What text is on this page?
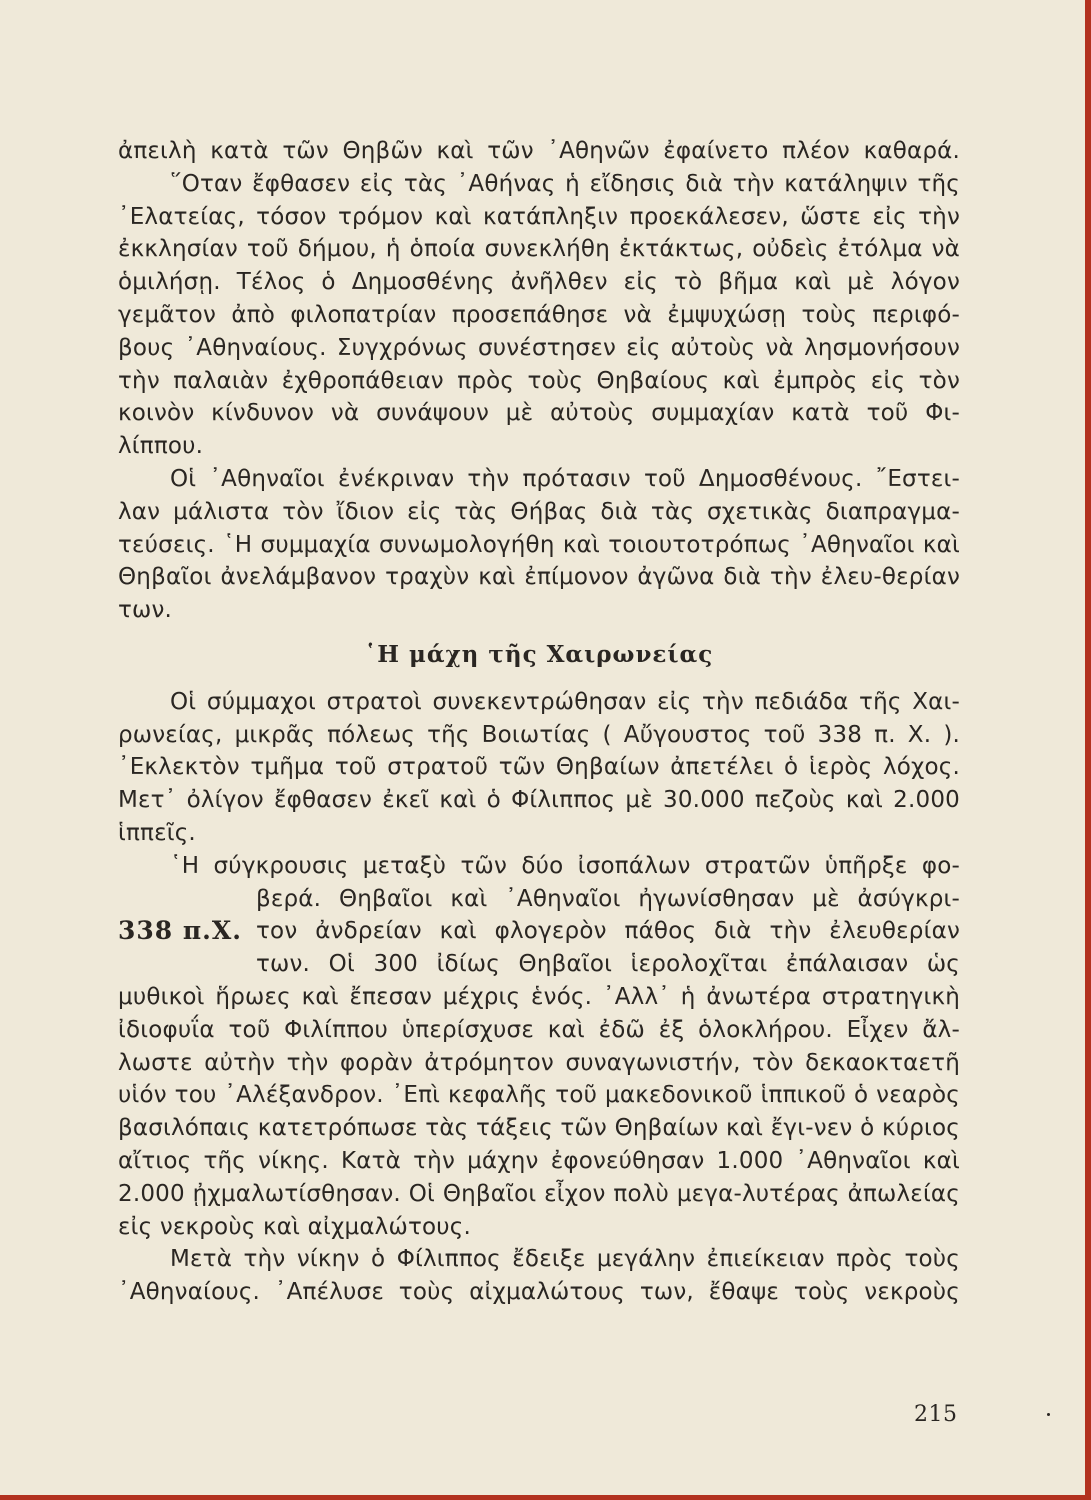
ἀπειλὴ κατὰ τῶν Θηβῶν καὶ τῶν ᾿Αθηνῶν ἐφαίνετο πλέον καθαρά.

῞Οταν ἔφθασεν εἰς τὰς ᾿Αθήνας ἡ εἴδησις διὰ τὴν κατάληψιν τῆς ᾿Ελατείας, τόσον τρόμον καὶ κατάπληξιν προεκάλεσεν, ὥστε εἰς τὴν ἐκκλησίαν τοῦ δήμου, ἡ ὁποία συνεκλήθη ἐκτάκτως, οὐδεὶς ἐτόλμα νὰ ὁμιλήσῃ. Τέλος ὁ Δημοσθένης ἀνῆλθεν εἰς τὸ βῆμα καὶ μὲ λόγον γεμᾶτον ἀπὸ φιλοπατρίαν προσεπάθησε νὰ ἐμψυχώσῃ τοὺς περιφό-βους ᾿Αθηναίους. Συγχρόνως συνέστησεν εἰς αὐτοὺς νὰ λησμονήσουν τὴν παλαιὰν ἐχθροπάθειαν πρὸς τοὺς Θηβαίους καὶ ἐμπρὸς εἰς τὸν κοινὸν κίνδυνον νὰ συνάψουν μὲ αὐτοὺς συμμαχίαν κατὰ τοῦ Φι-λίππου.

Οἱ ᾿Αθηναῖοι ἐνέκριναν τὴν πρότασιν τοῦ Δημοσθένους. ῎Εστει-λαν μάλιστα τὸν ἴδιον εἰς τὰς Θήβας διὰ τὰς σχετικὰς διαπραγμα-τεύσεις. ῾Η συμμαχία συνωμολογήθη καὶ τοιουτοτρόπως ᾿Αθηναῖοι καὶ Θηβαῖοι ἀνελάμβανον τραχὺν καὶ ἐπίμονον ἀγῶνα διὰ τὴν ἐλευ-θερίαν των.

῾Η μάχη τῆς Χαιρωνείας

Οἱ σύμμαχοι στρατοὶ συνεκεντρώθησαν εἰς τὴν πεδιάδα τῆς Χαι-ρωνείας, μικρᾶς πόλεως τῆς Βοιωτίας ( Αὔγουστος τοῦ 338 π. Χ. ). ᾿Εκλεκτὸν τμῆμα τοῦ στρατοῦ τῶν Θηβαίων ἀπετέλει ὁ ἱερὸς λόχος. Μετ᾿ ὀλίγον ἔφθασεν ἐκεῖ καὶ ὁ Φίλιππος μὲ 30.000 πεζοὺς καὶ 2.000 ἱππεῖς.

῾Η σύγκρουσις μεταξὺ τῶν δύο ἰσοπάλων στρατῶν ὑπῆρξε φο-

βερά. Θηβαῖοι καὶ ᾿Αθηναῖοι ἠγωνίσθησαν μὲ ἀσύγκρι-
338 π.Χ. τον ἀνδρείαν καὶ φλογερὸν πάθος διὰ τὴν ἐλευθερίαν
των. Οἱ 300 ἰδίως Θηβαῖοι ἱερολοχῖται ἐπάλαισαν ὡς

μυθικοὶ ἥρωες καὶ ἔπεσαν μέχρις ἑνός. ᾿Αλλ᾿ ἡ ἀνωτέρα στρατηγικὴ ἰδιοφυΐα τοῦ Φιλίππου ὑπερίσχυσε καὶ ἐδῶ ἐξ ὁλοκλήρου. Εἶχεν ἄλ-λωστε αὐτὴν τὴν φορὰν ἀτρόμητον συναγωνιστήν, τὸν δεκαοκταετῆ υἱόν του ᾿Αλέξανδρον. ᾿Επὶ κεφαλῆς τοῦ μακεδονικοῦ ἱππικοῦ ὁ νεαρὸς βασιλόπαις κατετρόπωσε τὰς τάξεις τῶν Θηβαίων καὶ ἔγι-νεν ὁ κύριος αἴτιος τῆς νίκης. Κατὰ τὴν μάχην ἐφονεύθησαν 1.000 ᾿Αθηναῖοι καὶ 2.000 ᾐχμαλωτίσθησαν. Οἱ Θηβαῖοι εἶχον πολὺ μεγα-λυτέρας ἀπωλείας εἰς νεκροὺς καὶ αἰχμαλώτους.

Μετὰ τὴν νίκην ὁ Φίλιππος ἔδειξε μεγάλην ἐπιείκειαν πρὸς τοὺς ᾿Αθηναίους. ᾿Απέλυσε τοὺς αἰχμαλώτους των, ἔθαψε τοὺς νεκροὺς

215
